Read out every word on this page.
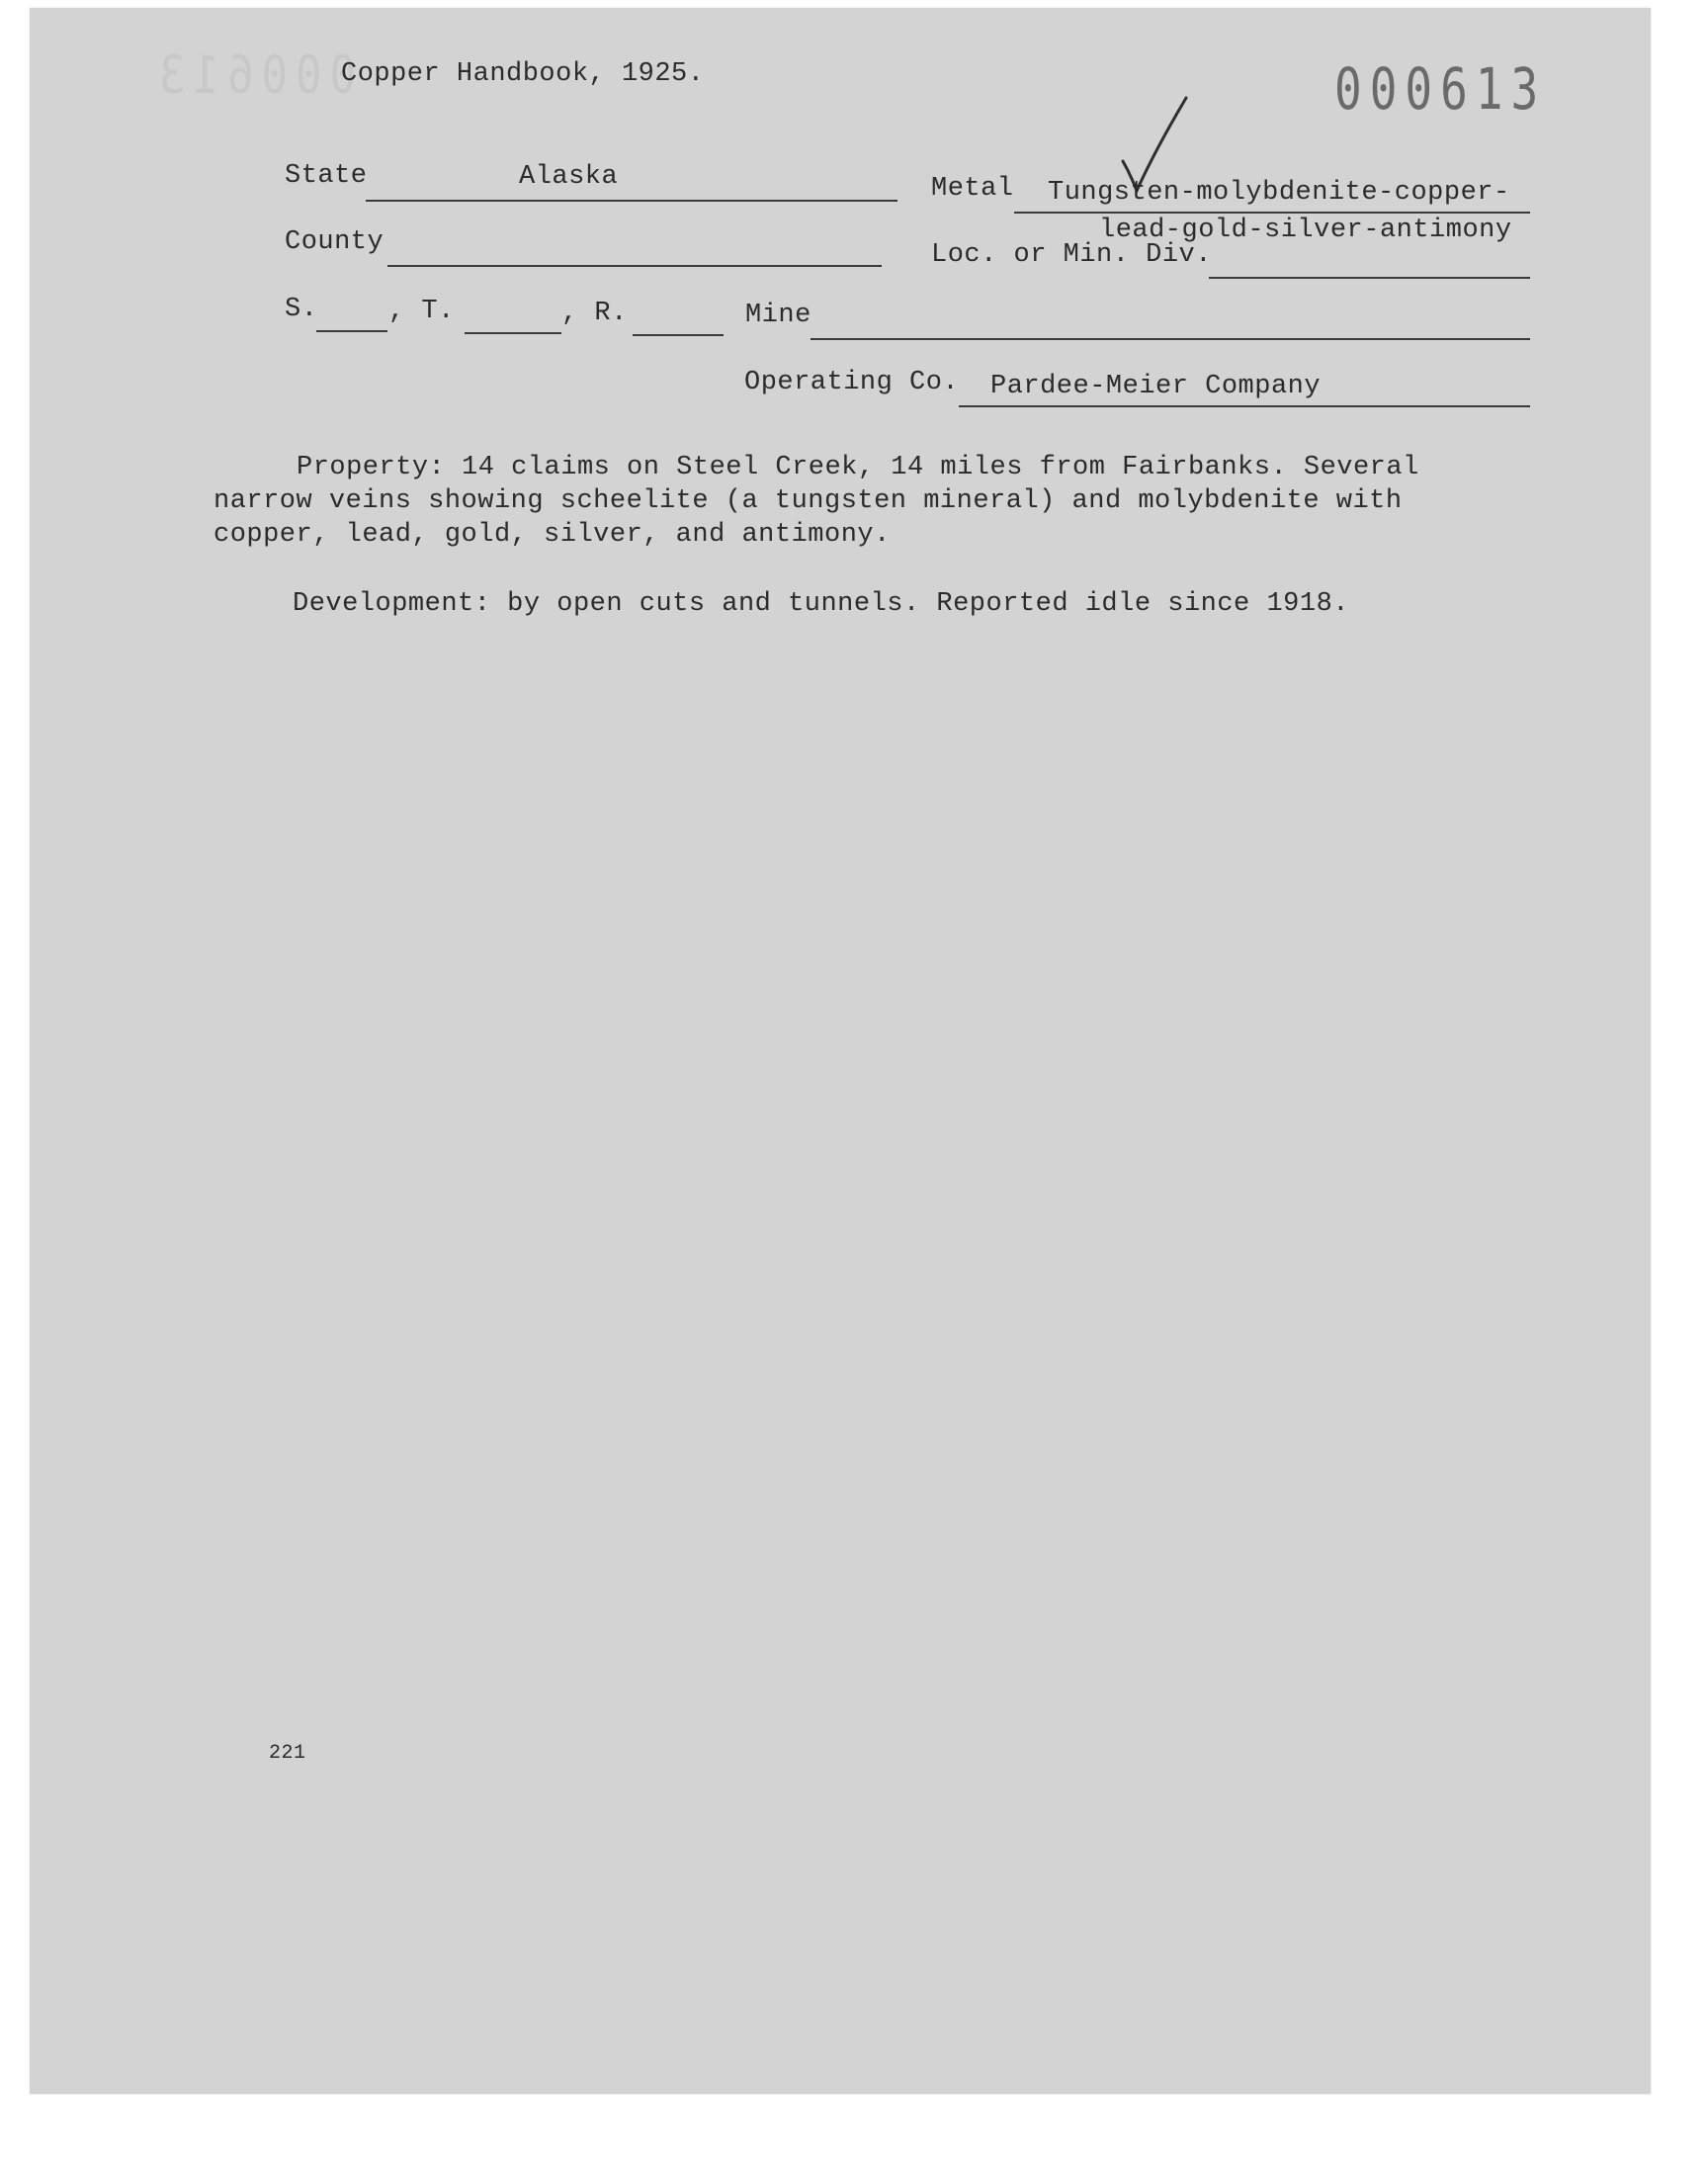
000613
Copper Handbook, 1925.	000613
State	Alaska	Metal Tungsten-molybdenite-copper-
lead-gold-silver-antimony
County	Loc. or Min. Div.
S.	, T.	, R.	Mine
Operating Co. Pardee-Meier Company
Property: 14 claims on Steel Creek, 14 miles from Fairbanks. Several
narrow veins showing scheelite (a tungsten mineral) and molybdenite with
copper, lead, gold, silver, and antimony.
Development: by open cuts and tunnels. Reported idle since 1918.
221
